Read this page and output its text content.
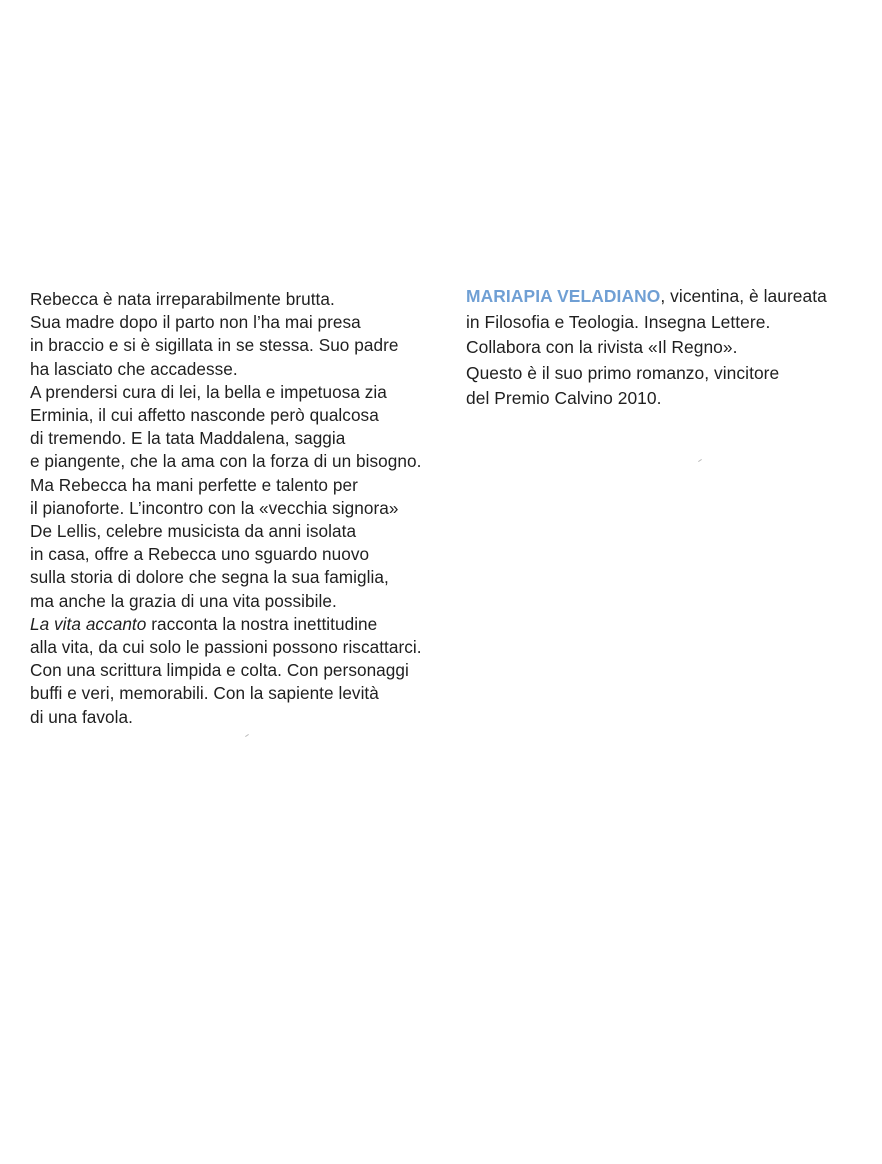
Rebecca è nata irreparabilmente brutta.
Sua madre dopo il parto non l’ha mai presa
in braccio e si è sigillata in se stessa. Suo padre
ha lasciato che accadesse.
A prendersi cura di lei, la bella e impetuosa zia
Erminia, il cui affetto nasconde però qualcosa
di tremendo. E la tata Maddalena, saggia
e piangente, che la ama con la forza di un bisogno.
Ma Rebecca ha mani perfette e talento per
il pianoforte. L’incontro con la «vecchia signora»
De Lellis, celebre musicista da anni isolata
in casa, offre a Rebecca uno sguardo nuovo
sulla storia di dolore che segna la sua famiglia,
ma anche la grazia di una vita possibile.
La vita accanto racconta la nostra inettitudine
alla vita, da cui solo le passioni possono riscattarci.
Con una scrittura limpida e colta. Con personaggi
buffi e veri, memorabili. Con la sapiente levità
di una favola.
MARIAPIA VELADIANO, vicentina, è laureata
in Filosofia e Teologia. Insegna Lettere.
Collabora con la rivista «Il Regno».
Questo è il suo primo romanzo, vincitore
del Premio Calvino 2010.
